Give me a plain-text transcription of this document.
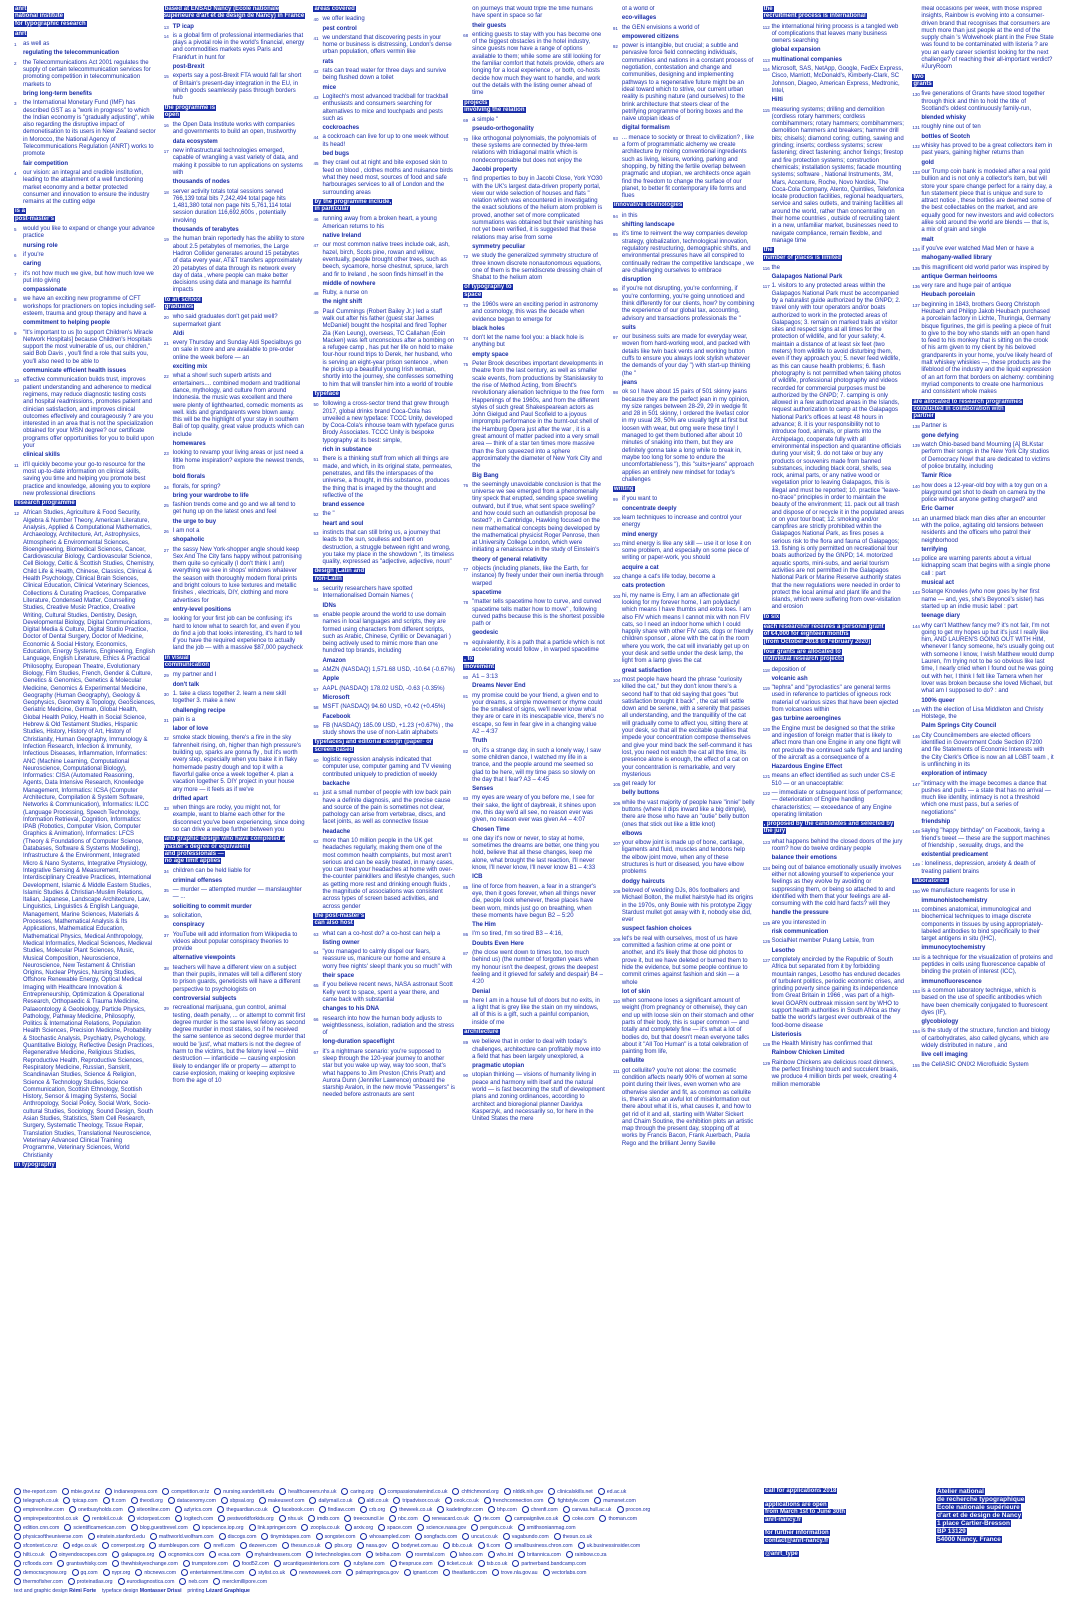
anrt
national institute
for typographic research

anrt

1	as well as
regulating the telecommunication
2	the Telecommunications Act 2001 regulates the supply of certain telecommunication services for promoting competition in telecommunication markets to
bring long-term benefits
3	the International Monetary Fund (IMF) has described GST as a "work in progress" to which the Indian economy is "gradually adjusting", while also regarding the disruptive impact of demonetisation to its users in New Zealand sector in Morocco, the National Agency of Telecommunications Regulation (ANRT) works to promote
fair competition
4	our vision: an integral and credible institution, leading to the attainment of a well functioning market economy and a better protected consumer and innovation to ensure the industry remains at the cutting edge
is a
post-master's

5	would you like to expand or change your advance practice
nursing role
6	if you're
caring
7	it's not how much we give, but how much love we put into giving
compassionate
8	we have an exciting new programme of CFT workshops for practioners on topics including self-esteem, trauma and group therapy and have a
commitment to helping people
9	"It's important to us [to support Children's Miracle Network Hospitals] because Children's Hospitals support the most vulnerable of us, our children," said Bob Davis , you'll find a role that suits you, you'll also need to be able to
communicate efficient health issues
10 effective communication builds trust, improves patient understanding and adherence to medical regimens, may reduce diagnostic testing costs and hospital readmissions, promotes patient and clinician satisfaction, and improves clinical outcomes effectively and courageously ? are you interested in an area that is not the specialization obtained for your MSN degree? our certificate programs offer opportunities for you to build upon your
clinical skills
11 it'll quickly become your go-to resource for the most up-to-date information on clinical skills, saving you time and helping you promote best practice and knowledge, allowing you to explore new professional directions
research programme

12 African Studies, Agriculture & Food Security, Algebra & Number Theory, American Literature, Analysis, Applied & Computational Mathematics, Archaeology, Architecture, Art, Astrophysics, Atmospheric & Environmental Sciences, Bioengineering, Biomedical Sciences, Cancer, Cardiovascular Biology, Cardiovascular Science, Cell Biology, Celtic & Scottish Studies, Chemistry, Child Life & Health, Chinese, Classics, Clinical & Health Psychology, Clinical Brain Sciences, Clinical Education, Clinical Veterinary Sciences, Collections & Curating Practices, Comparative Literature, Condensed Matter, Counselling Studies, Creative Music Practice, Creative Writing, Cultural Studies, Dentistry, Design, Developmental Biology, Digital Communications, Digital Media & Culture, Digital Studio Practice, Doctor of Dental Surgery, Doctor of Medicine, Economic & Social History, Economics, Education, Energy Systems, Engineering, English Language, English Literature, Ethics & Practical Philosophy, European Theatre, Evolutionary Biology, Film Studies, French, Gender & Culture, Genetics & Genomics, Genetics & Molecular Medicine, Genomics & Experimental Medicine, Geography (Human Geography), Geology & Geophysics, Geometry & Topology, GeoSciences, Geriatric Medicine, German, Global Health, Global Health Policy, Health in Social Science, Hebrew & Old Testament Studies, Hispanic Studies, History, History of Art, History of Christianity, Human Geography, Immunology & Infection Research, Infection & Immunity, Infectious Diseases, Inflammation, Informatics: ANC (Machine Learning, Computational Neuroscience, Computational Biology), Informatics: CISA (Automated Reasoning, Agents, Data Intensive Research, Knowledge Management, Informatics: ICSA (Computer Architecture, Compilation & System Software, Networks & Communication), Informatics: ILCC (Language Processing, Speech Technology, Information Retrieval, Cognition, Informatics: IPAB (Robotics, Computer Vision, Computer Graphics & Animation), Informatics: LFCS (Theory & Foundations of Computer Science, Databases, Software & Systems Modelling), Infrastructure & the Environment, Integrated Micro & Nano Systems, Integrative Physiology, Integrative Sensing & Measurement, Interdisciplinary Creative Practices, International Development, Islamic & Middle Eastern Studies, Islamic Studies & Christian-Muslim Relations, Italian, Japanese, Landscape Architecture, Law, Linguistics, Linguistics & English Language, Management, Marine Sciences, Materials & Processes, Mathematical Analysis & Its Applications, Mathematical Education, Mathematical Physics, Medical Anthropology, Medical Informatics, Medical Sciences, Medieval Studies, Molecular Plant Sciences, Music, Musical Composition, Neuroscience, Neuroscience, New Testament & Christian Origins, Nuclear Physics, Nursing Studies, Offshore Renewable Energy, Optical Medical Imaging with Healthcare Innovation & Entrepreneurship, Optimization & Operational Research, Orthopaedic & Trauma Medicine, Palaeontology & Geobiology, Particle Physics, Pathology, Pathway Medicine, Philosophy, Politics & International Relations, Population Health Sciences, Precision Medicine, Probability & Stochastic Analysis, Psychiatry, Psychology, Quantitative Biology, Reflective Design Practices, Regenerative Medicine, Religious Studies, Reproductive Health, Reproductive Sciences, Respiratory Medicine, Russian, Sanskrit, Scandinavian Studies, Science & Religion, Science & Technology Studies, Science Communication, Scottish Ethnology, Scottish History, Sensor & Imaging Systems, Social Anthropology, Social Policy, Social Work, Socio-cultural Studies, Sociology, Sound Design, South Asian Studies, Statistics, Stem Cell Research, Surgery, Systematic Theology, Tissue Repair, Translation Studies, Translational Neuroscience, Veterinary Advanced Clinical Training Programme, Veterinary Sciences, World Christianity
in typography

based at ENSAD Nancy (École nationale supérieure d'art et de design de Nancy) in France

13 TP icap
14 is a global firm of professional intermediaries that plays a pivotal role in the world's financial, energy and commodities markets eyes Paris and Frankfurt in hunt for
post-Brexit
15 experts say a post-Brexit FTA would fall far short of Britain's present-day integration in the EU, in which goods seamlessly pass through borders hub
the programme is
open

16 the Open Data Institute works with companies and governments to build an open, trustworthy
data ecosystem
17 new infrastructural technologies emerged, capable of wrangling a vast variety of data, and making it possible to run applications on systems with
thousands of nodes
18 server activity totals total sessions served 766,139 total bits 7,242,494 total page hits 1,481,380 total non page hits 5,761,114 total session duration 116,692,600s , potentially involving
thousands of terabytes
19 the human brain reportedly has the ability to store about 2.5 petabytes of memories, the Large Hadron Collider generates around 15 petabytes of data every year, AT&T transfers approximately 20 petabytes of data through its network every day of data , where people can make better decisions using data and manage its harmful impacts
to art school
graduates

20 who said graduates don't get paid well? supermarket giant
Aldi
21 every Thursday and Sunday Aldi Specialbuys go on sale in store and are available to pre-order online the week before — an
exciting mix
22 what a show! such superb artists and entertainers.... combined modern and traditional dance, mythology, and culture from around Indonesia. the music was excellent and there were plenty of lighthearted, comedic moments as well. kids and grandparents were blown away. this will be the highlight of your stay in southern Bali of top quality, great value products which can include
homewares
23 looking to revamp your living areas or just need a little home inspiration? explore the newest trends, from
bold florals
24 florals, for spring?
bring your wardrobe to life
25 fashion trends come and go and we all tend to get hung up on the latest ones and feel
the urge to buy
26 I am not a
shopaholic
27 the sassy New York-shopper angle should keep Sex And The City fans happy without patronising them quite so cynically (I don't think I am!) everything we see in shops' windows whatever the season with thoroughly modern floral prints and bright colours to luxe textures and metallic finishes , electricals, DIY, clothing and more advertises for
entry-level positions
28 looking for your first job can be confusing; it's hard to know what to search for, and even if you do find a job that looks interesting, it's hard to tell if you have the required experience to actually land the job — with a massive $87,000 paycheck
in visual
communication

29 my partner and I
don't talk
30 1. take a class together 2. learn a new skill together 3. make a new
challenging recipe
31 pain is a
labor of love
32 smoke stack blowing, there's a fire in the sky fahrenheit rising, oh, higher than high pressure's building up, sparks are gonna fly , but it's worth every step, especially when you bake it in flaky homemade pastry dough and top it with a flavorful galke once a week together 4. plan a vacation together 5. DIY project in your house any more — it feels as if we've
drifted apart
33 when things are rocky, you might not, for example, want to blame each other for the disconnect you've been experiencing, since doing so can drive a wedge further between you
and graphic design who have completed a master's degree or equivalent
and professionals —
no age limit applies

34 children can be held liable for
criminal offenses
35 — murder — attempted murder — manslaughter — ...
soliciting to commit murder
36 solicitation,
conspiracy
37 YouTube will add information from Wikipedia to videos about popular conspiracy theories to provide
alternative viewpoints
38 teachers will have a different view on a subject than their pupils, inmates will tell a different story to prison guards, geneticists will have a different perspective to psychologists on
controversial subjects
39 recreational marijuana, gun control, animal testing, death penalty, ... or attempt to commit first degree murder is the same level felony as second degree murder in most states, so if he received the same sentence as second degree murder that would be 'just', what matters is not the degree of harm to the victims, but the felony level — child destruction — infanticide — causing explosion likely to endanger life or property — attempt to cause explosion, making or keeping explosive from the age of 10
areas covered

40 we offer leading
pest control
41 we understand that discovering pests in your home or business is distressing, London's dense urban population, offers vermin like
rats
42 rats can tread water for three days and survive being flushed down a toilet
mice
43 Logitech's most advanced trackball for trackball enthusiasts and consumers searching for alternatives to mice and touchpads and pests such as
cockroaches
44 a cockroach can live for up to one week without its head!
bed bugs
45 they crawl out at night and bite exposed skin to feed on blood , clothes moths and nuisance birds what they need most, sources of food and safe harbourages services to all of London and the surrounding areas
by the programme include,
in particular

46 running away from a broken heart, a young American returns to his
native Ireland
47 our most common native trees include oak, ash, hazel, birch, Scots pine, rowan and willow, eventually, people brought other trees, such as beech, sycamore, horse chestnut, spruce, larch and fir to Ireland , he soon finds himself in the
middle of nowhere
48 Ruby, a nurse on
the night shift
49 Paul Cummings (Robert Bailey Jr.) led a staff walk out after his father (guest star James McDaniel) bought the hospital and fired Topher Zia (Ken Leung), overseas, TC Callahan (Eoin Macken) was left unconscious after a bombing on a refugee camp , has put her life on hold to make four-hour round trips to Derek, her husband, who is serving an eight-year prison sentence , when he picks up a beautiful young Irish woman, shortly into the journey, she confesses something to him that will transfer him into a world of trouble
typeface

50 following a cross-sector trend that grew through 2017, global drinks brand Coca-Cola has unveiled a new typeface: TCCC Unity, developed by Coca-Cola's inhouse team with typeface gurus Brody Associates. TCCC Unity is bespoke typography at its best: simple,
rich in substance
51 there is a thinking stuff from which all things are made, and which, in its original state, permeates, penetrates, and fills the interspaces of the universe, a thought, in this substance, produces the thing that is imaged by the thought and reflective of the
brand essence
52 the "
heart and soul
53 instincts that can still bring us, a journey that leads to the sun, soulless and bent on destruction, a struggle between right and wrong, you take my place in the showdown ", its timeless quality, expressed as "adjective, adjective, noun"
design (Latin and
non-Latin

54 security researchers have spotted Internationalised Domain Names (
IDNs
55 enable people around the world to use domain names in local languages and scripts, they are formed using characters from different scripts, such as Arabic, Chinese, Cyrillic or Devanagari ) being actively used to mimic more than one hundred top brands, including
Amazon
56 AMZN (NASDAQ) 1,571.68 USD, -10.64 (-0.67%)
Apple
57 AAPL (NASDAQ) 178.02 USD, -0.63 (-0.35%)
Microsoft
58 MSFT (NASDAQ) 94.60 USD, +0.42 (+0.45%)
Facebook
59 FB (NASDAQ) 185.09 USD, +1.23 (+0.67%) , the study shows the use of non-Latin alphabets
typefaces) and editorial design (paper- or
screen-based

60 logistic regression analysis indicated that computer use, computer gaming and TV viewing contributed uniquely to prediction of weekly
backache
61 just a small number of people with low back pain have a definite diagnosis, and the precise cause and source of the pain is sometimes not clear, pathology can arise from vertebrae, discs, and facet joints, as well as connective tissue
headache
62 more than 10 million people in the UK get headaches regularly, making them one of the most common health complaints, but most aren't serious and can be easily treated, in many cases, you can treat your headaches at home with over-the-counter painkillers and lifestyle changes, such as getting more rest and drinking enough fluids , the magnitude of associations was consistent across types of screen based activities, and across gender
the post-master's
can also host

63 what can a co-host do? a co-host can help a
listing owner
64 "you managed to calmly dispel our fears, reassure us, manicure our home and ensure a worry free nights' sleep! thank you so much" with
their space
65 if you believe recent news, NASA astronaut Scott Kelly went to space, spent a year there, and came back with substantial
changes to his DNA
66 research into how the human body adjusts to weightlessness, isolation, radiation and the stress of
long-duration spaceflight
67 it's a nightmare scenario: you're supposed to sleep through the 120-year journey to another star but you wake up way, way too soon, that's what happens to Jim Preston (Chris Pratt) and Aurora Dunn (Jennifer Lawrence) onboard the starship Avalon, in the new movie "Passengers" is needed before astronauts are sent
on journeys that would triple the time humans have spent in space so far
their guests
68 enticing guests to stay with you has become one of the biggest obstacles in the hotel industry, since guests now have a range of options available to them; while some are still looking for the familiar comfort that hotels provide, others are longing for a local experience , or both, co-hosts decide how much they want to handle, and work out the details with the listing owner ahead of time
projects
involving the relation

69 a simple "
pseudo-orthogonality
70 like orthogonal polynomials, the polynomials of these systems are connected by three-term relations with tridiagonal matrix which is nondecomposable but does not enjoy the
Jacobi property
71 find properties to buy in Jacobi Close, York YO30 with the UK's largest data-driven property portal, view our wide selection of houses and flats " relation which was encountered in investigating the exact solutions of the helium atom problem is proved, another set of more complicated summations was obtained but their vanishing has not yet been verified, it is suggested that these relations may arise from some
symmetry peculiar
72 we study the generalized symmetry structure of three known discrete nonautonomous equations, one of them is the semidiscrete dressing chain of Shabat to the helium atom
of typography to
space

73 the 1960s were an exciting period in astronomy and cosmology, this was the decade when evidence began to emerge for
black holes
74 don't let the name fool you: a black hole is anything but
empty space
75 Peter Brook describes important developments in theatre from the last century, as well as smaller scale events, from productions by Stanislavsky to the rise of Method Acting, from Brecht's revolutionary alienation technique to the free form Happenings of the 1960s, and from the different styles of such great Shakespearean actors as John Gielgud and Paul Scofield to a joyous impromptu performance in the burnt-out shell of the Hamburg Opera just after the war , it is a great amount of matter packed into a very small area — think of a star ten times more massive than the Sun squeezed into a sphere approximately the diameter of New York City and the
Big Bang
76 the seemingly unavoidable conclusion is that the universe we see emerged from a phenomenally tiny speck that erupted, sending space swelling outward, but if true, what sent space swelling? and how could such an outlandish proposal be tested? , in Cambridge, Hawking focused on the new mathematical concepts being developed by the mathematical physicist Roger Penrose, then at University College London, which were initiating a renaissance in the study of Einstein's
theory of general relativity
77 objects (including planets, like the Earth, for instance) fly freely under their own inertia through warped
spacetime
78 "matter tells spacetime how to curve, and curved spacetime tells matter how to move" , following curved paths because this is the shortest possible path or
geodesic
79 equivalently, it is a path that a particle which is not accelerating would follow , in warped spacetime
, to
movement

80 A1 – 3:13
Dreams Never End
81 my promise could be your friend, a given end to your dreams, a simple movement or rhyme could be the smallest of signs, we'll never know what they are or care in its inescapable vice, there's no escape, so few in fear give in a changing value A2 – 4:37
Truth
82 oh, it's a strange day, in such a lonely way, I saw some children dance, I watched my life in a trance, and the people around me seemed so glad to be here, will my time pass so slowly on the day that I fear? A3 – 4:45
Senses
83 my eyes are weary of you before me, I see for their sake, the light of daybreak, it shines upon me, this day we'd all see, no reason ever was given, no reason ever was given A4 – 4:07
Chosen Time
84 one day it's now or never, to stay at home, sometimes the dreams are better, one thing you hold, believe that all these changes, keep me alone, what brought the last reaction, I'll never know, I'll never know, I'll never know B1 – 4:33
ICB
85 line of force from heaven, a fear in a stranger's eye, then it goes forever, when all things never die, people look whenever, these places have been worn, minds just go on breathing, when these moments have begun B2 – 5:20
The Him
86 I'm so tired, I'm so tired B3 – 4:16,
Doubts Even Here
87 (the close went down to times too, too much behind us) (the number of forgotten years when my honour isn't the deepest, grows the deepest feeling and it grieved for safety and despair) B4 – 4:20
Denial
88 here I am in a house full of doors but no exits, in a light that is grey like the stain on my windows, all of this is a gift, such a painful companion, inside of me
architecture

89 we believe that in order to deal with today's challenges, architecture can profitably move into a field that has been largely unexplored, a
pragmatic utopian
90 utopian thinking — visions of humanity living in peace and harmony with itself and the natural world — is fast becoming the stuff of development plans and zoning ordinances, according to architect and bioregional planner Davidya Kasperzyk, and necessarily so, for here in the United States the mere
of a world of
eco-villages
91 the GEN envisions a world of
empowered citizens
92 power is intangible, but crucial; a subtle and pervasive force field connecting individuals, communities and nations in a constant process of negotiation, contestation and change and communities, designing and implementing pathways to a regenerative future might be an ideal toward which to strive, our current urban reality is pushing nature (and ourselves) to the brink architecture that steers clear of the petrifying programme of boring boxes and the naive utopian ideas of
digital formalism
93 ... menace to society or threat to civilization? , like a form of programmatic alchemy we create architecture by mixing conventional ingredients such as living, leisure, working, parking and shopping, by hitting the fertile overlap between pragmatic and utopian, we architects once again find the freedom to change the surface of our planet, to better fit contemporary life forms and flues
innovative technologies

94 in this
shifting landscape
95 it's time to reinvent the way companies develop strategy, globalization, technological innovation, regulatory restructuring, demographic shifts, and environmental pressures have all conspired to continually redraw the competitive landscape , we are challenging ourselves to embrace
disruption
96 if you're not disrupting, you're conforming, if you're conforming, you're going unnoticed and think differently for our clients, how? by combining the experience of our global tax, accounting, advisory and transactions professionals the "
suits
97 our business suits are made for everyday wear, woven from hard-working wool, and packed with details like twin back vents and working button cuffs to ensure you always look stylish whatever the demands of your day ") with start-up thinking (the "
jeans
98 ok so I have about 15 pairs of 501 skinny jeans because they are the perfect jean in my opinion, my size ranges between 28-29, 29 in wedgie fit and 28 in 501 skinny, I ordered the livefast color in my usual 28, 50% are usually tight at first but loosen with wear, but omg were these tiny! I managed to get them buttoned after about 10 minutes of snaking into them, but they are definitely gonna take a long while to break in, maybe too long for some to endure the uncomfortableness "), this "suits+jeans" approach applies an entirely new mindset for today's challenges
writing

99 if you want to
concentrate deeply
100 learn techniques to increase and control your energy
mind energy
101 mind energy is like any skill — use it or lose it on some problem, and especially on some piece of writing or paper-work, you should
acquire a cat
102 change a cat's life today, become a
cats protection
103 hi, my name is Emy, I am an affectionate girl looking for my forever home, I am polydactyl which means I have thumbs and extra toes. I am also FIV which means I cannot mix with non FIV cats, so I need an indoor home which I could happily share with other FIV cats, dogs or friendly children sponsor , alone with the cat in the room where you work, the cat will invariably get up on your desk and settle under the desk lamp, the light from a lamp gives the cat
great satisfaction
104 most people have heard the phrase "curiosity killed the cat," but they don't know there's a second half to that old saying that goes "but satisfaction brought it back" , the cat will settle down and be serene, with a serenity that passes all understanding, and the tranquillity of the cat will gradually come to affect you, sitting there at your desk, so that all the excitable qualities that impede your concentration compose themselves and give your mind back the self-command it has lost, you need not watch the cat all the time, its presence alone is enough, the effect of a cat on your concentration is remarkable, and very mysterious
105 get ready for
belly buttons
106 while the vast majority of people have "innie" belly buttons (where it dips inward like a big dimple), there are those who have an "outie" belly button (ones that stick out like a little knot)
elbows
107 your elbow joint is made up of bone, cartilage, ligaments and fluid, muscles and tendons help the elbow joint move, when any of these structures is hurt or diseased, you have elbow problems
dodgy haircuts
108 beloved of wedding DJs, 80s footballers and Michael Bolton, the mullet hairstyle had its origins in the 1970s, only Bowie with his prototype Ziggy Stardust mullet got away with it, nobody else did, ever
suspect fashion choices
109 let's be real with ourselves, most of us have committed a fashion crime at one point or another, and it's likely that those old photos to prove it, but we have deleted or burned them to hide the evidence, but some people continue to commit crimes against fashion and skin — a whole
lot of skin
110 when someone loses a significant amount of weight (from pregnancy or otherwise), they can end up with loose skin on their stomach and other parts of their body, this is super common — and totally and completely fine — it's what a lot of bodies do, but that doesn't mean everyone talks about it "All Too Human" is a total celebration of painting from life,
cellulite
111 got cellulite? you're not alone: the cosmetic condition affects nearly 90% of women at some point during their lives, even women who are otherwise slender and fit, as common as cellulite is, there's also an awful lot of misinformation out there about what it is, what causes it, and how to get rid of it and all, starting with Walter Sickert and Chaim Soutine, the exhibition plots an artistic map through the present day, stopping off at works by Francis Bacon, Frank Auerbach, Paula Rego and the brilliant Jenny Saville
the
recruitment process is international

112 the international hiring process is a tangled web of complications that leaves many business owners searching
global expansion
113 multinational companies
114 Microsoft, SAS, NetApp, Google, FedEx Express, Cisco, Marriott, McDonald's, Kimberly-Clark, SC Johnson, Diageo, American Express, Medtronic, Intel,
Hilti
115 measuring systems; drilling and demolition (cordless rotary hammers; cordless combihammers; rotary hammers; combihammers; demolition hammers and breakers; hammer drill bits; chisels); diamond coring; cutting, sawing and grinding; inserts; cordless systems; screw fastening; direct fastening; anchor fixings; firestop and fire protection systems; construction chemicals; installation systems; facade mounting systems; software , National Instruments, 3M, Mars, Accenture, Roche, Novo Nordisk, The Coca-Cola Company, Atento, Quintiles, Telefonica locate production facilities, regional headquarters, service and sales outlets, and training facilities all around the world, rather than concentrating on their home countries , outside of recruiting talent in a new, unfamiliar market, businesses need to navigate compliance, remain flexible, and manage time
the
number of places is limited

116 the
Galapagos National Park
117 1. visitors to any protected areas within the Galapagos National Park must be accompanied by a naturalist guide authorized by the GNPD; 2. travel only with tour operators and/or boats authorized to work in the protected areas of Galapagos; 3. remain on marked trails at visitor sites and respect signs at all times for the protection of wildlife, and for your safety; 4. maintain a distance of at least six feet (two meters) from wildlife to avoid disturbing them, even if they approach you; 5. never feed wildlife, as this can cause health problems; 6. flash photography is not permitted when taking photos of wildlife, professional photography and videos recorded for commercial purposes must be authorized by the GNPD; 7. camping is only allowed in a few authorized areas in the Islands, request authorization to camp at the Galapagos National Park's offices at least 48 hours in advance; 8. it is your responsibility not to introduce food, animals, or plants into the Archipelago, cooperate fully with all environmental inspection and quarantine officials during your visit; 9. do not take or buy any products or souvenirs made from banned substances, including black coral, shells, sea rock, animal parts, or any native wood or vegetation prior to leaving Galapagos, this is illegal and must be reported; 10. practice "leave-no-trace" principles in order to maintain the beauty of the environment; 11. pack out all trash and dispose of or recycle it in the populated areas or on your tour boat; 12. smoking and/or campfires are strictly prohibited within the Galapagos National Park, as fires poses a serious risk to the flora and fauna of Galapagos; 13. fishing is only permitted on recreational tour boats authorized by the GNPD; 14. motorized aquatic sports, mini-subs, and aerial tourism activities are not permitted in the Galapagos National Park or Marine Reserve authority states that the new regulations were needed in order to protect the local animal and plant life and the islands, which were suffering from over-visitation and erosion
to six

each researcher receives a personal grant
of €4,000 for eighteen months
(from October 2018 to February 2020)

four grants are allocated to
individual research projects

118 deposition of
volcanic ash
119 "tephra" and "pyroclastics" are general terms used in reference to particles of igneous rock material of various sizes that have been ejected from volcanoes within
gas turbine aeroengines
120 the Engine must be designed so that the strike and ingestion of foreign matter that is likely to affect more than one Engine in any one flight will not preclude the continued safe flight and landing of the aircraft as a consequence of a
Hazardous Engine Effect
121 means an effect identified as such under CS-E 510 — or an unacceptable:
122 — immediate or subsequent loss of performance; — deterioration of Engine handling characteristics; — exceedance of any Engine operating limitation
, proposed by the candidates and selected by
the jury

123 what happens behind the closed doors of the jury room? how do twelve ordinary people
balance their emotions
124 being out of balance emotionally usually involves either not allowing yourself to experience your feelings as they evolve by avoiding or suppressing them, or being so attached to and identified with them that your feelings are all-consuming with the cold hard facts? will they
handle the pressure
125 are you interested in
risk communication
126 SocialNet member Pulang Letsie, from
Lesotho
127 completely encircled by the Republic of South Africa but separated from it by forbidding mountain ranges, Lesotho has endured decades of turbulent politics, periodic economic crises, and grinding poverty since gaining its independence from Great Britain in 1966 , was part of a high-level GOARN outbreak mission sent by WHO to support health authorities in South Africa as they battle the world's largest ever outbreak of the food-borne disease
Listeriosis
128 the Health Ministry has confirmed that
Rainbow Chicken Limited
129 Rainbow Chickens are delicious roast dinners, the perfect finishing touch and succulent braais, we produce 4 million birds per week, creating 4 million memorable
meal occasions per week, with those inspired insights, Rainbow is evolving into a consumer-driven brand that recognises that consumers are much more than just people at the end of the supply chain 's Wolwehoek plant in the Free State was found to be contaminated with listeria ? are you an early career scientist looking for the next challenge? of reaching their all-important verdict? #JuryRoom
two
grants

130 five generations of Grants have stood together through thick and thin to hold the title of Scotland's oldest continuously family-run,
blended whisky
131 roughly nine out of ten
bottles of Scotch
132 whisky has proved to be a great collectors item in past years, gaining higher returns than
gold
133 our Trump coin bank is modeled after a real gold bullion and is not only a collector's item, but will store your spare change perfect for a rainy day, a fun statement piece that is unique and sure to attract notice , these bottles are deemed some of the best collectables on the market, and are equally good for new investors and avid collectors alike sold around the world are blends — that is, a mix of grain and single
malt
134 if you've ever watched Mad Men or have a
mahogany-walled library
135 this magnificent old world parlor was inspired by
antique German heirlooms
136 very rare and huge pair of antique
Heubach porcelain
137 beginning in 1843, brothers Georg Christoph Heubach and Philipp Jakob Heubach purchased a porcelain factory in Lichte, Thuringia, Germany bisque figurines, the girl is peeling a piece of fruit to give to the boy who stands with an open hand to feed to his monkey that is sitting on the crook of his arm given to my client by his beloved grandparents in your home, you've likely heard of malt whiskey whiskies —, these products are the lifeblood of the industry and the liquid expression of an art form that borders on alchemy: combining myriad components to create one harmonious and consistent whole makes
are allocated to research programmes
conducted in collaboration with
partner

138 Partner is
gone defying
139 watch Ohio-based band Mourning [A] BLKstar perform their songs in the New York City studios of Democracy Now! that are dedicated to victims of police brutality, including
Tamir Rice
140 how does a 12-year-old boy with a toy gun on a playground get shot to death on camera by the police without anyone getting charged? and
Eric Garner
141 an unarmed black man dies after an encounter with the police, agitating old tensions between residents and the officers who patrol their neighborhood
terrifying
142 police are warning parents about a virtual kidnapping scam that begins with a single phone call : part
musical act
143 Solange Knowles (who now goes by her first name — and, yes, she's Beyoncé's sister) has started up an indie music label : part
teenage diary
144 why can't Matthew fancy me? it's not fair, I'm not going to get my hopes up but it's just I really like him, AND LAUREN'S GOING OUT WITH HIM, whenever I fancy someone, he's usually going out with someone I know, I wish Matthew would dump Lauren, I'm trying not to be so obvious like last time, I nearly cried when I found out he was going out with her, I think I felt like Tamera when her lover was broken because she loved Michael, but what am I supposed to do? : and
100% queer
145 with the election of Lisa Middleton and Christy Holstege, the
Palm Springs City Council
146 City Councilmembers are elected officers identified in Government Code Section 87200 and file Statements of Economic Interests with the City Clerk's Office is now an all LGBT team , it is unflinching in its
exploration of intimacy
147 "intimacy with the image becomes a dance that pushes and pulls — a state that has no arrival — much like identity, intimacy is not a threshold which one must pass, but a series of negotiations"
friendship
148 saying "happy birthday" on Facebook, faving a friend's tweet — these are the support machines of friendship , sexuality, drugs, and the
existential predicament
149 : loneliness, depression, anxiety & death of treating patient brains
laboratories

150 we manufacture reagents for use in
immunohistochemistry
151 combines anatomical, immunological and biochemical techniques to image discrete components in tissues by using appropriately-labeled antibodies to bind specifically to their target antigens in situ (IHC),
immunocytochemistry
152 is a technique for the visualization of proteins and peptides in cells using fluorescence capable of binding the protein of interest (ICC),
immunofluorescence
153 is a common laboratory technique, which is based on the use of specific antibodies which have been chemically conjugated to fluorescent dyes (IF),
glycobiology
154 is the study of the structure, function and biology of carbohydrates, also called glycans, which are widely distributed in nature , and
live cell imaging
155 the CellASIC ONIX2 Microfluidic System
the-report.com	mbie.govt.nz	indianexpress.com	competition.or.tz	nursing.vanderbilt.edu	healthcareers.nhs.uk	caring.org	compassionatemind.co.uk	chfrichmond.org	nlddk.nih.gov	clinicalskills.net	ed.ac.uk
telegraph.co.uk	tpicap.com	ft.com	theodi.org	datacenomy.com	sbpsal.org	makeuseof.com	dailymail.co.uk	aldi.co.uk	tripadvisor.co.uk	ceok.co.uk	frenchconnection.com	fightstyle.com	mumsnet.com
empireonline.com	onetbusyholds.com	siteonline.com	azlyrics.com	theguardian.co.uk	facebook.com	findlaw.com	crb.org	theweek.co.uk	kadetingfor.com	bhp.com	chrenfi.com	canvas.hull.ac.uk	procon.org
empirepestcontrol.co.uk	rentokil.co.uk	victorpest.com	logitech.com	pestworldforkids.org	nhs.uk	imdb.com	treecouncil.ie	nbc.com	reneacard.co.uk	rte.com	campaignlive.co.uk	coke.com	thoman.com
edition.cnn.com	scientificamerican.com	blog.guesttrevel.com	iopscience.iop.org	link.springer.com	zoopla.co.uk	arxiv.org	space.com	science.nasa.gov	penguin.co.uk	smithsonianmag.com
physicsoftheuniverse.com	einstein.stanford.edu	mathworld.wolfram.com	discogs.com	tinymixtapes.com	songster.com	whosampled.com	songfacts.com	uncut.co.uk	vagabundo.com	thesun.co.uk
sfcontext.co.nz	edge.co.uk	cornerpost.org	stumbleupon.com	nrefi.com	dezeen.com	thesun.co.uk	pbs.org	nasa.gov	bodynet.com.au	ibb.co.uk	ti.com	smallbusiness.chron.com	uk.businessinsider.com
hilti.co.uk	oinyendoscopes.com	galapagos.org	ocgnomics.com	ecsa.com	myhairdressers.com	lnrtechnologies.com	tebiha.com	rosrmtal.com	lahoo.com	who.int	britannica.com	rainbow.co.za
rcfloods.com	grantswhisky.com	thewhiskyexchange.com	trumpstore.com	food52.com	arcantiquesinteriors.com	rubylane.com	thespruce.com	ticket.co.uk	tsb.co.uk	partnerband.bandcamp.com
democracynow.org	gq.com	nypr.org	nbcnews.com	entertainment.time.com	stylist.co.uk	newnowweek.com	palmspringsca.gov	ignant.com	theatlantic.com	trove.nla.gov.au	vectorlabs.com
thermofisher.com	proteinatlas.org	eurodiagnostica.com	neb.com	merckmillipore.com
text and graphic design Rémi Forte typeface design Montasser Drissi printing Lézard Graphique
call for applications 2018
applications are open
from March 1st to June 30th
anrt-nancy.fr
for further information
contact@anrt-nancy.fr
@anrt_type
Atelier national
de recherche typographique
École nationale supérieure
d'art et de design de Nancy
1 place Cartier-Bresson
BP 13129
54000 Nancy, France
